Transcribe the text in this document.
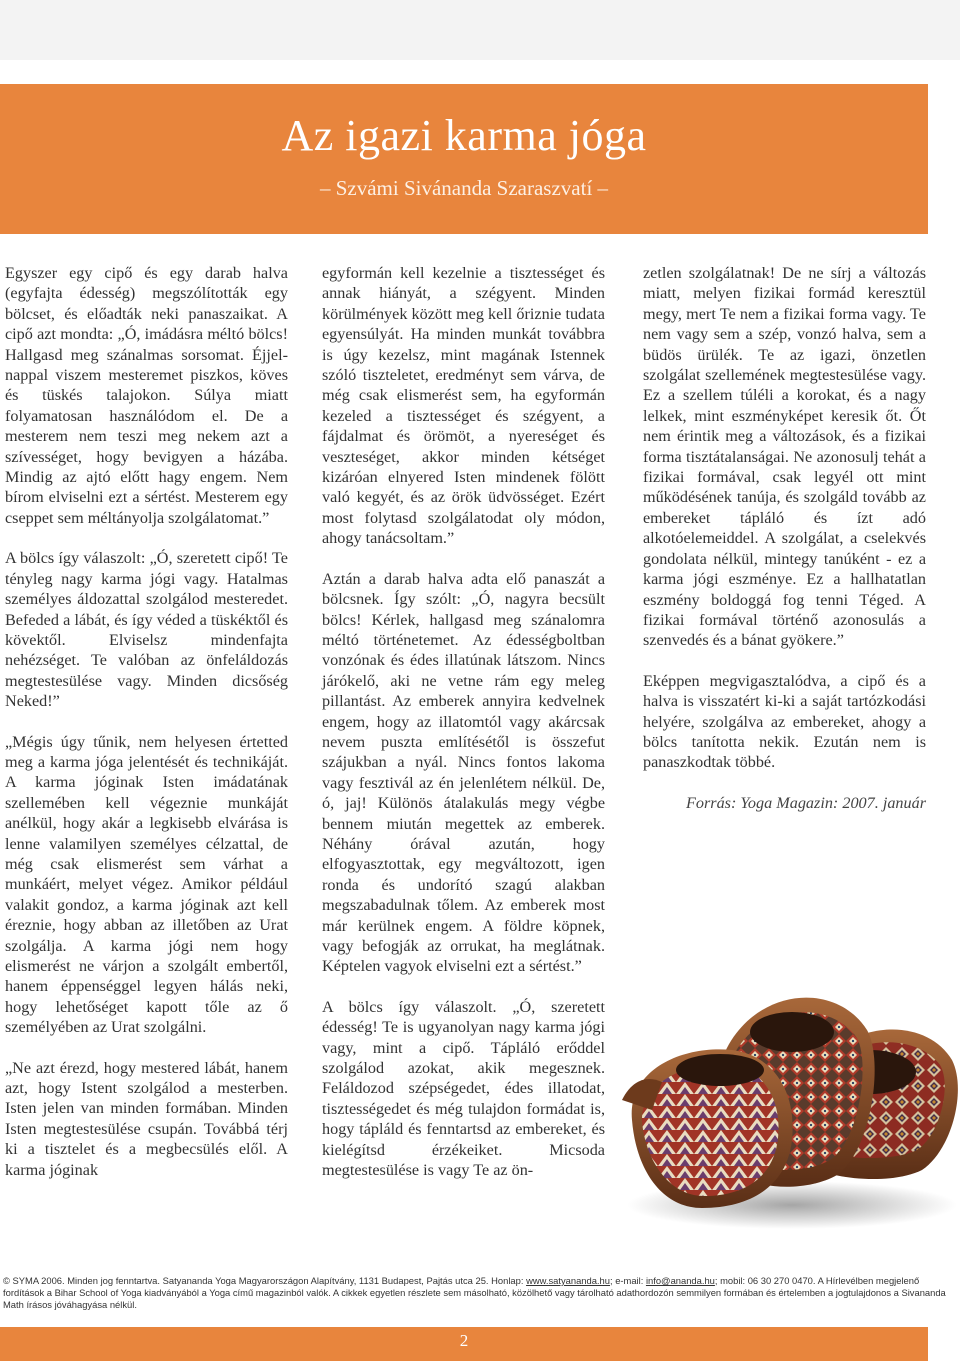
Az igazi karma jóga
– Szvámi Sivánanda Szaraszvatí –

Egyszer egy cipő és egy darab halva (egyfajta édesség) megszólították egy bölcset, és előadták neki panaszaikat. A cipő azt mondta: „Ó, imádásra méltó bölcs! Hallgasd meg szánalmas sorsomat. Éjjel-nappal viszem mesteremet piszkos, köves és tüskés talajokon. Súlya miatt folyamatosan használódom el. De a mesterem nem teszi meg nekem azt a szívességet, hogy bevigyen a házába. Mindig az ajtó előtt hagy engem. Nem bírom elviselni ezt a sértést. Mesterem egy cseppet sem méltányolja szolgálatomat.”

A bölcs így válaszolt: „Ó, szeretett cipő! Te tényleg nagy karma jógi vagy. Hatalmas személyes áldozattal szolgálod mesteredet. Befeded a lábát, és így véded a tüskéktől és kövektől. Elviselsz mindenfajta nehézséget. Te valóban az önfeláldozás megtestesülése vagy. Minden dicsőség Neked!”

„Mégis úgy tűnik, nem helyesen értetted meg a karma jóga jelentését és technikáját. A karma jóginak Isten imádatának szellemében kell végeznie munkáját anélkül, hogy akár a legkisebb elvárása is lenne valamilyen személyes célzattal, de még csak elismerést sem várhat a munkáért, melyet végez. Amikor például valakit gondoz, a karma jóginak azt kell éreznie, hogy abban az illetőben az Urat szolgálja. A karma jógi nem hogy elismerést ne várjon a szolgált embertől, hanem éppenséggel legyen hálás neki, hogy lehetőséget kapott tőle az ő személyében az Urat szolgálni.

„Ne azt érezd, hogy mestered lábát, hanem azt, hogy Istent szolgálod a mesterben. Isten jelen van minden formában. Minden Isten megtestesülése csupán. Továbbá térj ki a tisztelet és a megbecsülés elől. A karma jóginak

egyformán kell kezelnie a tisztességet és annak hiányát, a szégyent. Minden körülmények között meg kell őriznie tudata egyensúlyát. Ha minden munkát továbbra is úgy kezelsz, mint magának Istennek szóló tiszteletet, eredményt sem várva, de még csak elismerést sem, ha egyformán kezeled a tisztességet és szégyent, a fájdalmat és örömöt, a nyereséget és veszteséget, akkor minden kétséget kizáróan elnyered Isten mindenek fölött való kegyét, és az örök üdvösséget. Ezért most folytasd szolgálatodat oly módon, ahogy tanácsoltam.”

Aztán a darab halva adta elő panaszát a bölcsnek. Így szólt: „Ó, nagyra becsült bölcs! Kérlek, hallgasd meg szánalomra méltó történetemet. Az édességboltban vonzónak és édes illatúnak látszom. Nincs járókelő, aki ne vetne rám egy meleg pillantást. Az emberek annyira kedvelnek engem, hogy az illatomtól vagy akárcsak nevem puszta említésétől is összefut szájukban a nyál. Nincs fontos lakoma vagy fesztivál az én jelenlétem nélkül. De, ó, jaj! Különös átalakulás megy végbe bennem miután megettek az emberek. Néhány órával azután, hogy elfogyasztottak, egy megváltozott, igen ronda és undorító szagú alakban megszabadulnak tőlem. Az emberek most már kerülnek engem. A földre köpnek, vagy befogják az orrukat, ha meglátnak. Képtelen vagyok elviselni ezt a sértést.”

A bölcs így válaszolt. „Ó, szeretett édesség! Te is ugyanolyan nagy karma jógi vagy, mint a cipő. Tápláló erőddel szolgálod azokat, akik megesznek. Feláldozod szépségedet, édes illatodat, tisztességedet és még tulajdon formádat is, hogy tápláld és fenntartsd az embereket, és kielégítsd érzékeiket. Micsoda megtestesülése is vagy Te az ön-

zetlen szolgálatnak! De ne sírj a változás miatt, melyen fizikai formád keresztül megy, mert Te nem a fizikai forma vagy. Te nem vagy sem a szép, vonzó halva, sem a büdös ürülék. Te az igazi, önzetlen szolgálat szellemének megtestesülése vagy. Ez a szellem túléli a korokat, és a nagy lelkek, mint eszményképet keresik őt. Őt nem érintik meg a változások, és a fizikai forma tisztátalanságai. Ne azonosulj tehát a fizikai formával, csak legyél ott mint működésének tanúja, és szolgáld tovább az embereket tápláló és ízt adó alkotóelemeiddel. A szolgálat, a cselekvés gondolata nélkül, mintegy tanúként - ez a karma jógi eszménye. Ez a hallhatatlan eszmény boldoggá fog tenni Téged. A fizikai formával történő azonosulás a szenvedés és a bánat gyökere.”

Eképpen megvigasztalódva, a cipő és a halva is visszatért ki-ki a saját tartózkodási helyére, szolgálva az embereket, ahogy a bölcs tanította nekik. Ezután nem is panaszkodtak többé.

Forrás: Yoga Magazin: 2007. január

© SYMA 2006. Minden jog fenntartva. Satyananda Yoga Magyarországon Alapítvány, 1131 Budapest, Pajtás utca 25. Honlap: www.satyananda.hu; e-mail: info@ananda.hu; mobil: 06 30 270 0470. A Hírlevélben megjelenő fordítások a Bihar School of Yoga kiadványából a Yoga című magazinból valók. A cikkek egyetlen részlete sem másolható, közölhető vagy tárolható adathordozón semmilyen formában és értelemben a jogtulajdonos a Sivananda Math írásos jóváhagyása nélkül.
2
